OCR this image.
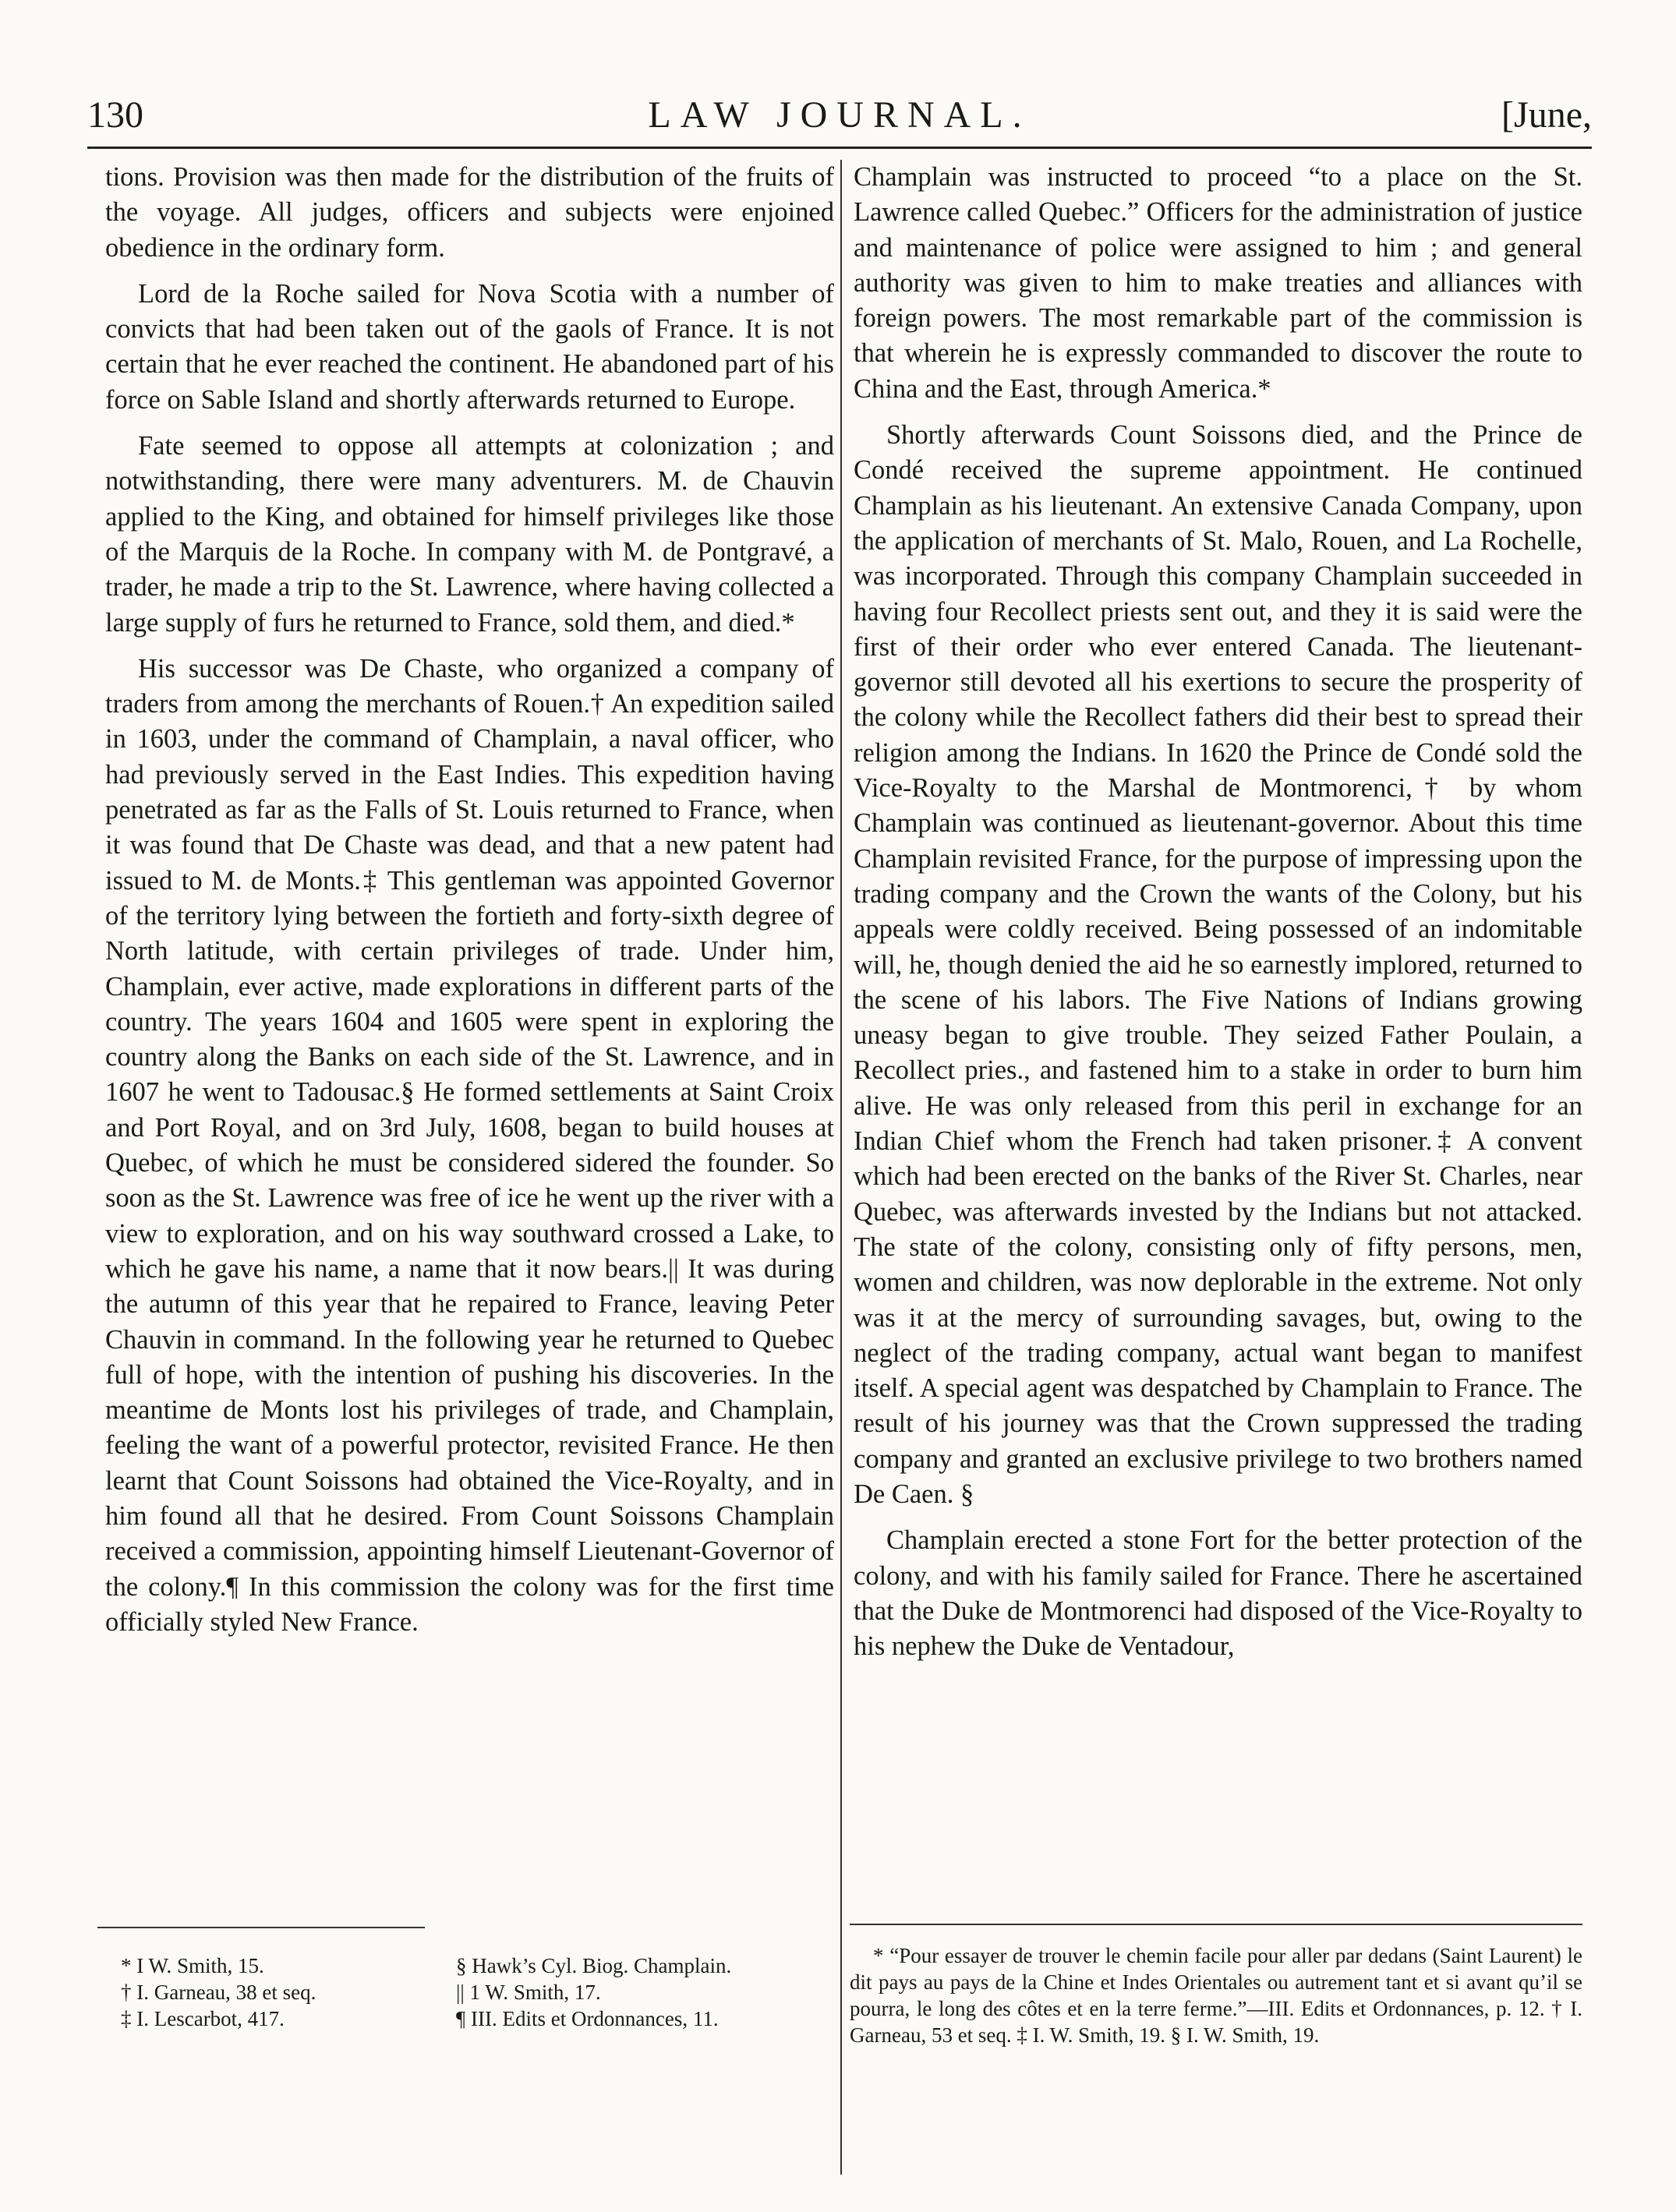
130	LAW JOURNAL.	[June,

tions. Provision was then made for the distribution of the fruits of the voyage. All judges, officers and subjects were enjoined obedience in the ordinary form.

Lord de la Roche sailed for Nova Scotia with a number of convicts that had been taken out of the gaols of France. It is not certain that he ever reached the continent. He abandoned part of his force on Sable Island and shortly afterwards returned to Europe.

Fate seemed to oppose all attempts at colonization ; and notwithstanding, there were many adventurers. M. de Chauvin applied to the King, and obtained for himself privileges like those of the Marquis de la Roche. In company with M. de Pontgravé, a trader, he made a trip to the St. Lawrence, where having collected a large supply of furs he returned to France, sold them, and died.*

His successor was De Chaste, who organized a company of traders from among the merchants of Rouen.† An expedition sailed in 1603, under the command of Champlain, a naval officer, who had previously served in the East Indies. This expedition having penetrated as far as the Falls of St. Louis returned to France, when it was found that De Chaste was dead, and that a new patent had issued to M. de Monts.‡ This gentleman was appointed Governor of the territory lying between the fortieth and forty-sixth degree of North latitude, with certain privileges of trade. Under him, Champlain, ever active, made explorations in different parts of the country. The years 1604 and 1605 were spent in exploring the country along the Banks on each side of the St. Lawrence, and in 1607 he went to Tadousac.§ He formed settlements at Saint Croix and Port Royal, and on 3rd July, 1608, began to build houses at Quebec, of which he must be considered sidered the founder. So soon as the St. Lawrence was free of ice he went up the river with a view to exploration, and on his way southward crossed a Lake, to which he gave his name, a name that it now bears.|| It was during the autumn of this year that he repaired to France, leaving Peter Chauvin in command. In the following year he returned to Quebec full of hope, with the intention of pushing his discoveries. In the meantime de Monts lost his privileges of trade, and Champlain, feeling the want of a powerful protector, revisited France. He then learnt that Count Soissons had obtained the Vice-Royalty, and in him found all that he desired. From Count Soissons Champlain received a commission, appointing himself Lieutenant-Governor of the colony.¶ In this commission the colony was for the first time officially styled New France.

Champlain was instructed to proceed “to a place on the St. Lawrence called Quebec.” Officers for the administration of justice and maintenance of police were assigned to him ; and general authority was given to him to make treaties and alliances with foreign powers. The most remarkable part of the commission is that wherein he is expressly commanded to discover the route to China and the East, through America.*

Shortly afterwards Count Soissons died, and the Prince de Condé received the supreme appointment. He continued Champlain as his lieutenant. An extensive Canada Company, upon the application of merchants of St. Malo, Rouen, and La Rochelle, was incorporated. Through this company Champlain succeeded in having four Recollect priests sent out, and they it is said were the first of their order who ever entered Canada. The lieutenant-governor still devoted all his exertions to secure the prosperity of the colony while the Recollect fathers did their best to spread their religion among the Indians. In 1620 the Prince de Condé sold the Vice-Royalty to the Marshal de Montmorenci,† by whom Champlain was continued as lieutenant-governor. About this time Champlain revisited France, for the purpose of impressing upon the trading company and the Crown the wants of the Colony, but his appeals were coldly received. Being possessed of an indomitable will, he, though denied the aid he so earnestly implored, returned to the scene of his labors. The Five Nations of Indians growing uneasy began to give trouble. They seized Father Poulain, a Recollect pries., and fastened him to a stake in order to burn him alive. He was only released from this peril in exchange for an Indian Chief whom the French had taken prisoner.‡ A convent which had been erected on the banks of the River St. Charles, near Quebec, was afterwards invested by the Indians but not attacked. The state of the colony, consisting only of fifty persons, men, women and children, was now deplorable in the extreme. Not only was it at the mercy of surrounding savages, but, owing to the neglect of the trading company, actual want began to manifest itself. A special agent was despatched by Champlain to France. The result of his journey was that the Crown suppressed the trading company and granted an exclusive privilege to two brothers named De Caen. §

Champlain erected a stone Fort for the better protection of the colony, and with his family sailed for France. There he ascertained that the Duke de Montmorenci had disposed of the Vice-Royalty to his nephew the Duke de Ventadour,

* I W. Smith, 15.
† I. Garneau, 38 et seq.
‡ I. Lescarbot, 417.
§ Hawk’s Cyl. Biog. Champlain.
|| 1 W. Smith, 17.
¶ III. Edits et Ordonnances, 11.
* “Pour essayer de trouver le chemin facile pour aller par dedans (Saint Laurent) le dit pays au pays de la Chine et Indes Orientales ou autrement tant et si avant qu’il se pourra, le long des côtes et en la terre ferme.”—III. Edits et Ordonnances, p. 12. † I. Garneau, 53 et seq. ‡ I. W. Smith, 19. § I. W. Smith, 19.
